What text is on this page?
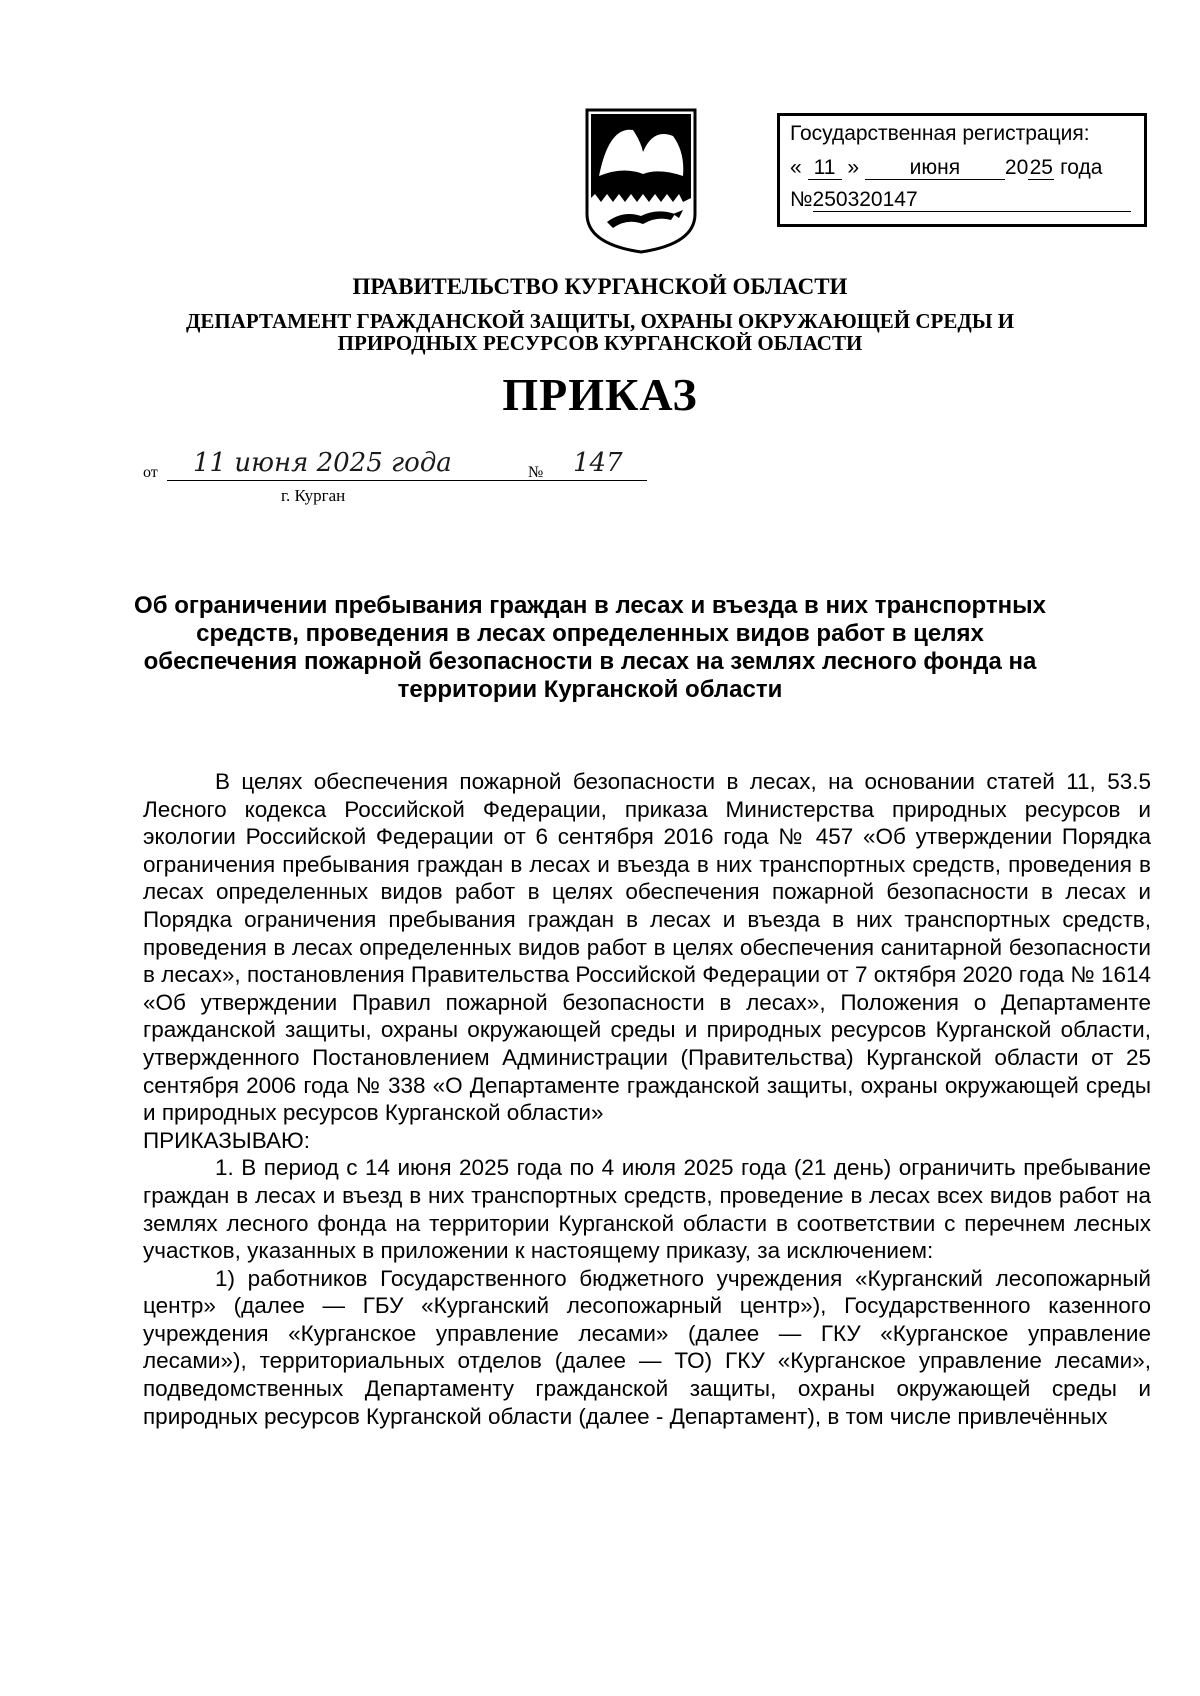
Государственная регистрация:
« 11 » июня 2025 года
№250320147
ПРАВИТЕЛЬСТВО КУРГАНСКОЙ ОБЛАСТИ
ДЕПАРТАМЕНТ ГРАЖДАНСКОЙ ЗАЩИТЫ, ОХРАНЫ ОКРУЖАЮЩЕЙ СРЕДЫ И
ПРИРОДНЫХ РЕСУРСОВ КУРГАНСКОЙ ОБЛАСТИ
ПРИКАЗ
от 11 июня 2025 года	№ 147
г. Курган
Об ограничении пребывания граждан в лесах и въезда в них транспортных
средств, проведения в лесах определенных видов работ в целях
обеспечения пожарной безопасности в лесах на землях лесного фонда на
территории Курганской области

В целях обеспечения пожарной безопасности в лесах, на основании статей 11, 53.5 Лесного кодекса Российской Федерации, приказа Министерства природных ресурсов и экологии Российской Федерации от 6 сентября 2016 года № 457 «Об утверждении Порядка ограничения пребывания граждан в лесах и въезда в них транспортных средств, проведения в лесах определенных видов работ в целях обеспечения пожарной безопасности в лесах и Порядка ограничения пребывания граждан в лесах и въезда в них транспортных средств, проведения в лесах определенных видов работ в целях обеспечения санитарной безопасности в лесах», постановления Правительства Российской Федерации от 7 октября 2020 года № 1614 «Об утверждении Правил пожарной безопасности в лесах», Положения о Департаменте гражданской защиты, охраны окружающей среды и природных ресурсов Курганской области, утвержденного Постановлением Администрации (Правительства) Курганской области от 25 сентября 2006 года № 338 «О Департаменте гражданской защиты, охраны окружающей среды и природных ресурсов Курганской области»

ПРИКАЗЫВАЮ:

1. В период с 14 июня 2025 года по 4 июля 2025 года (21 день) ограничить пребывание граждан в лесах и въезд в них транспортных средств, проведение в лесах всех видов работ на землях лесного фонда на территории Курганской области в соответствии с перечнем лесных участков, указанных в приложении к настоящему приказу, за исключением:

1) работников Государственного бюджетного учреждения «Курганский лесопожарный центр» (далее — ГБУ «Курганский лесопожарный центр»), Государственного казенного учреждения «Курганское управление лесами» (далее — ГКУ «Курганское управление лесами»), территориальных отделов (далее — ТО) ГКУ «Курганское управление лесами», подведомственных Департаменту гражданской защиты, охраны окружающей среды и природных ресурсов Курганской области (далее - Департамент), в том числе привлечённых
